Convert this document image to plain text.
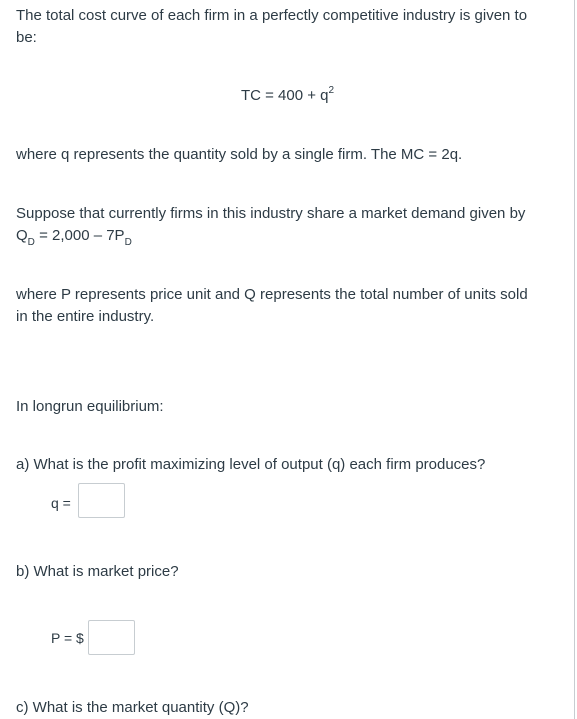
The total cost curve of each firm in a perfectly competitive industry is given to
be:
TC = $400 + q^2$
where q represents the quantity sold by a single firm. The MC = 2q.
Suppose that currently firms in this industry share a market demand given by
$Q_D = 2,000 - 7P_D$
where P represents price unit and Q represents the total number of units sold
in the entire industry.
In longrun equilibrium:
a) What is the profit maximizing level of output (q) each firm produces?
q =
b) What is market price?
P = $
c) What is the market quantity (Q)?
